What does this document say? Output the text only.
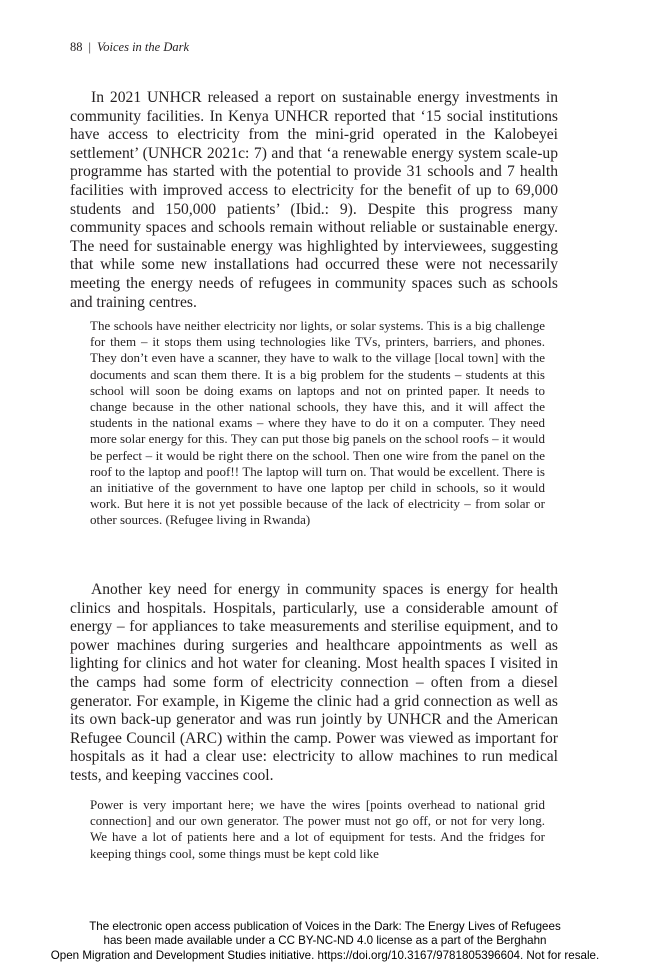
88 | Voices in the Dark

In 2021 UNHCR released a report on sustainable energy investments in community facilities. In Kenya UNHCR reported that ‘15 social institutions have access to electricity from the mini-grid operated in the Kalobeyei settlement’ (UNHCR 2021c: 7) and that ‘a renewable energy system scale-up programme has started with the potential to provide 31 schools and 7 health facilities with improved access to electricity for the benefit of up to 69,000 students and 150,000 patients’ (Ibid.: 9). Despite this progress many community spaces and schools remain without reliable or sustainable energy. The need for sustainable energy was highlighted by interviewees, suggesting that while some new installations had occurred these were not necessarily meeting the energy needs of refugees in community spaces such as schools and training centres.

The schools have neither electricity nor lights, or solar systems. This is a big challenge for them – it stops them using technologies like TVs, printers, barriers, and phones. They don’t even have a scanner, they have to walk to the village [local town] with the documents and scan them there. It is a big problem for the students – students at this school will soon be doing exams on laptops and not on printed paper. It needs to change because in the other national schools, they have this, and it will affect the students in the national exams – where they have to do it on a computer. They need more solar energy for this. They can put those big panels on the school roofs – it would be perfect – it would be right there on the school. Then one wire from the panel on the roof to the laptop and poof!! The laptop will turn on. That would be excellent. There is an initiative of the government to have one laptop per child in schools, so it would work. But here it is not yet possible because of the lack of electricity – from solar or other sources. (Refugee living in Rwanda)

Another key need for energy in community spaces is energy for health clinics and hospitals. Hospitals, particularly, use a considerable amount of energy – for appliances to take measurements and sterilise equipment, and to power machines during surgeries and healthcare appointments as well as lighting for clinics and hot water for cleaning. Most health spaces I visited in the camps had some form of electricity connection – often from a diesel generator. For example, in Kigeme the clinic had a grid connection as well as its own back-up generator and was run jointly by UNHCR and the American Refugee Council (ARC) within the camp. Power was viewed as important for hospitals as it had a clear use: electricity to allow machines to run medical tests, and keeping vaccines cool.

Power is very important here; we have the wires [points overhead to national grid connection] and our own generator. The power must not go off, or not for very long. We have a lot of patients here and a lot of equipment for tests. And the fridges for keeping things cool, some things must be kept cold like

The electronic open access publication of Voices in the Dark: The Energy Lives of Refugees
has been made available under a CC BY-NC-ND 4.0 license as a part of the Berghahn
Open Migration and Development Studies initiative. https://doi.org/10.3167/9781805396604. Not for resale.
